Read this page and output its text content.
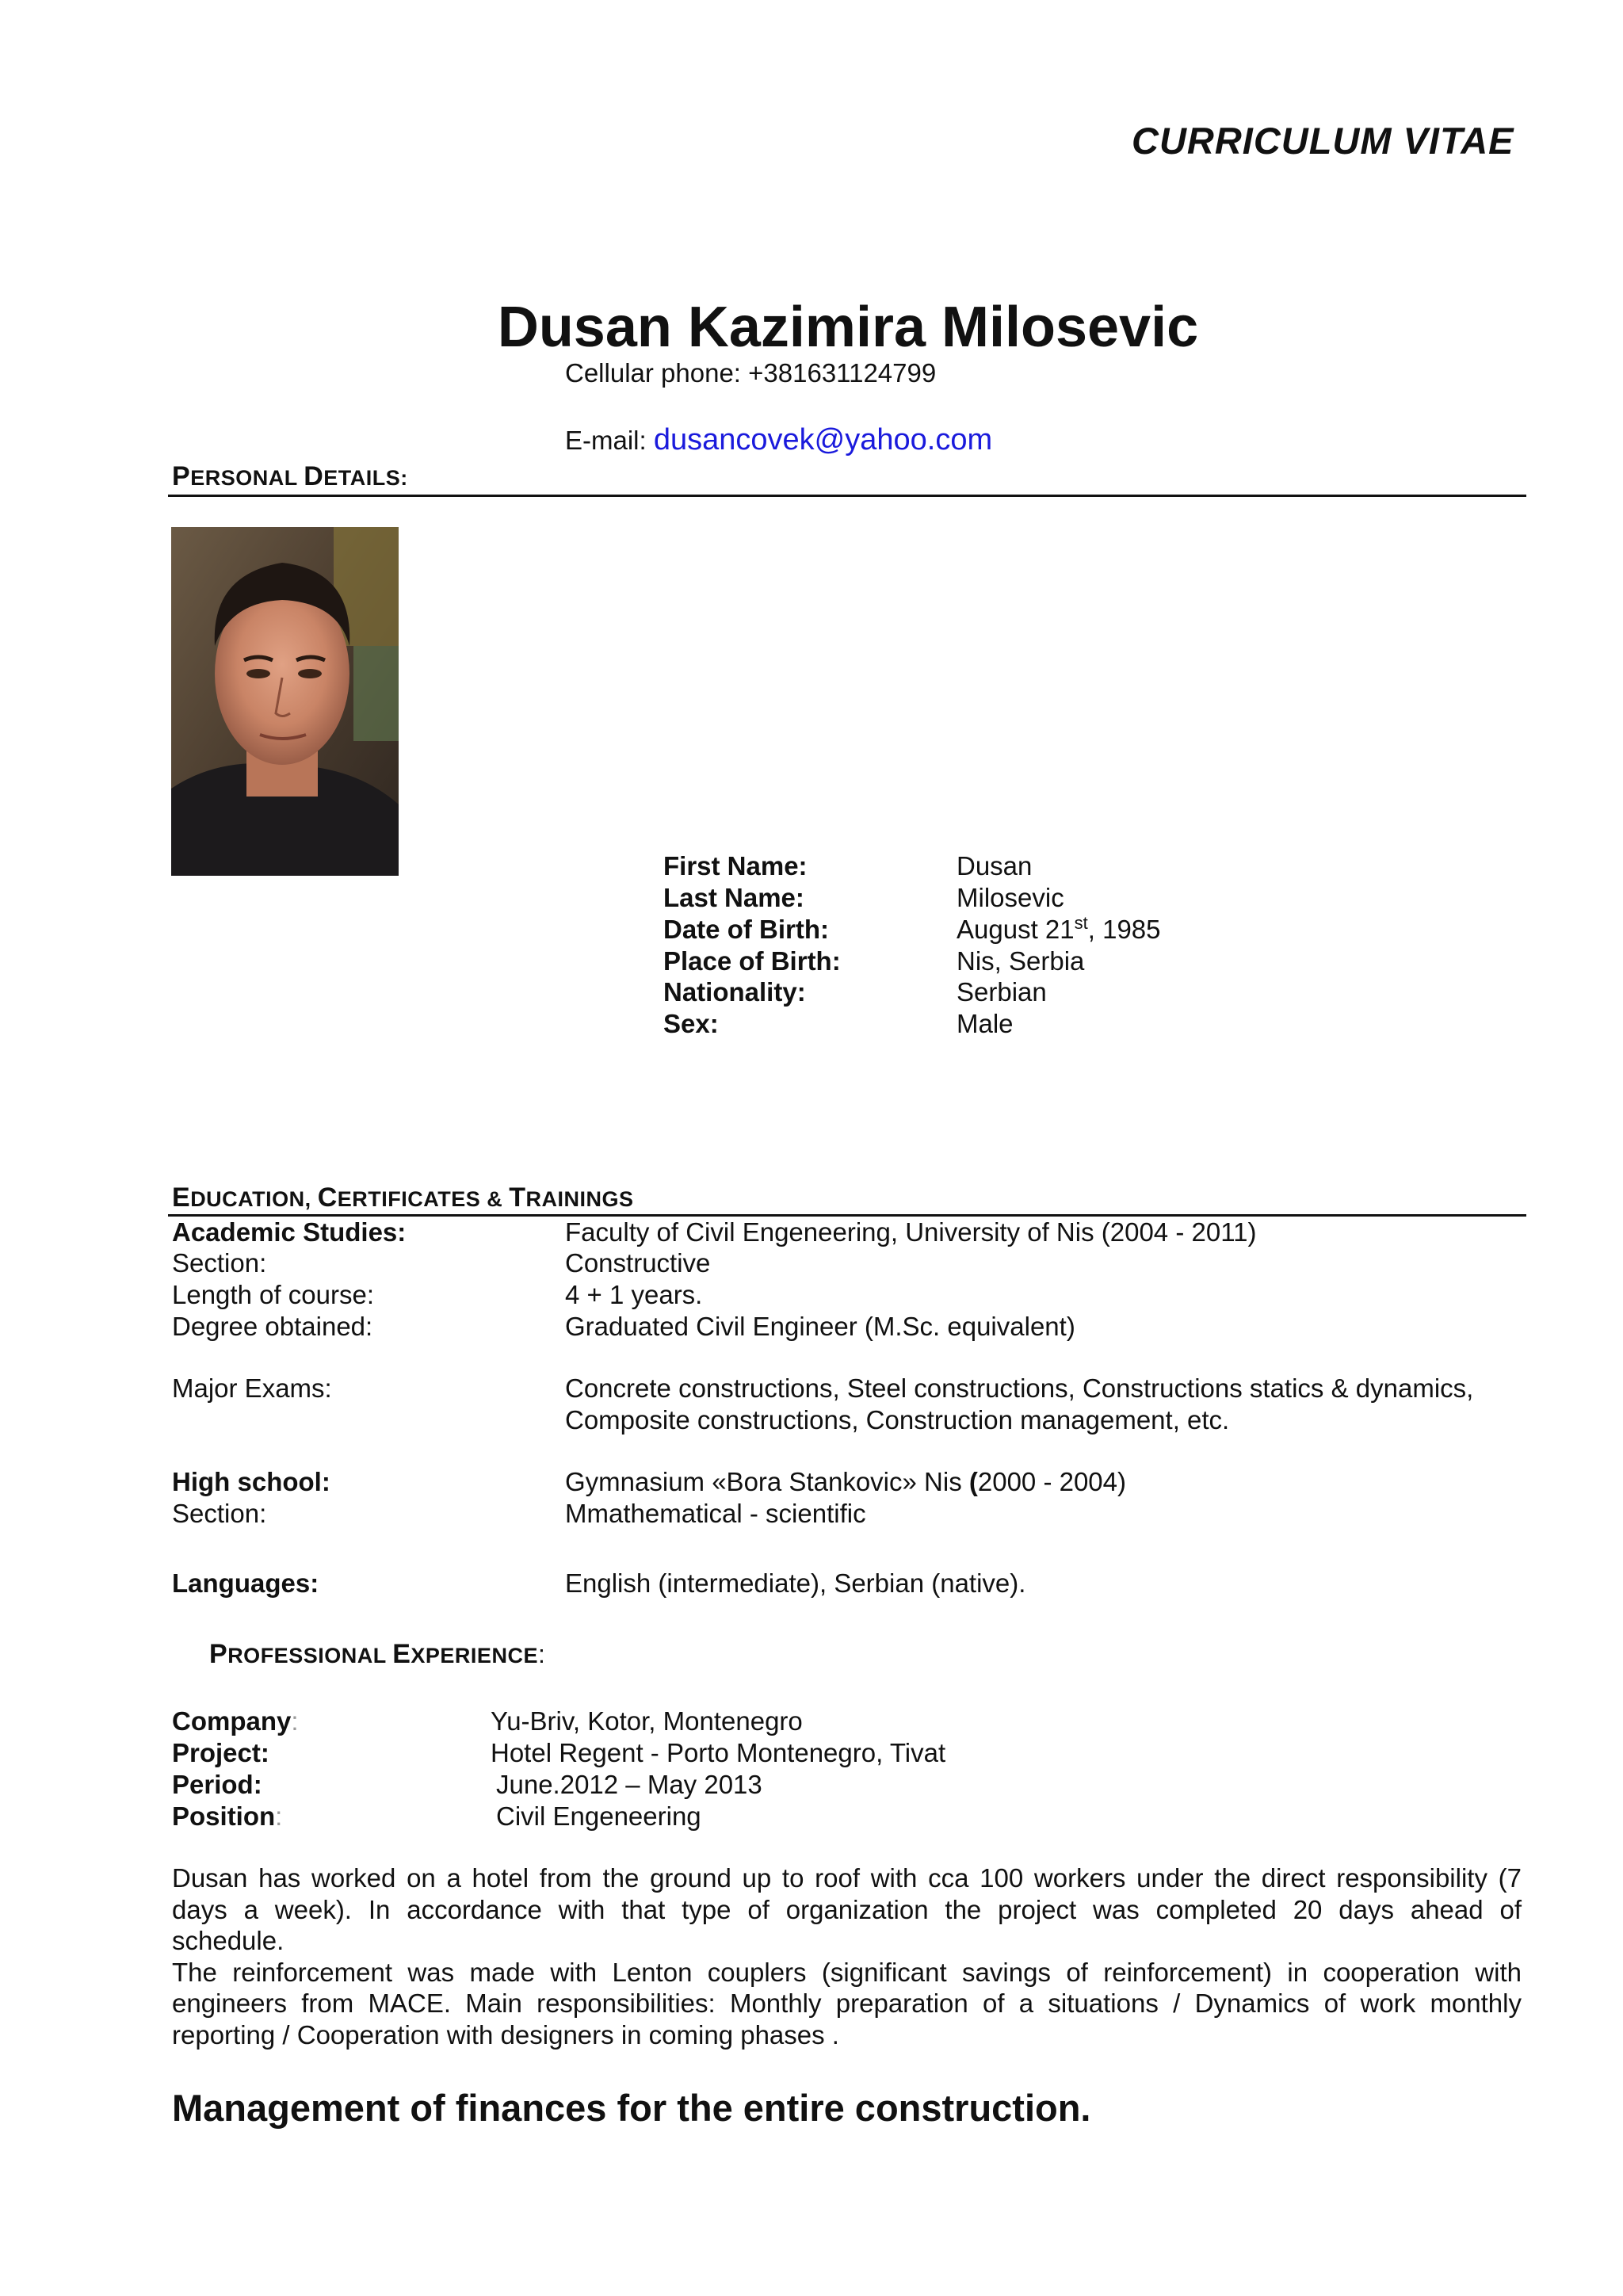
CURRICULUM VITAE
Dusan Kazimira Milosevic
Cellular phone: +381631124799
E-mail: dusancovek@yahoo.com
PERSONAL DETAILS:
First Name:	Dusan
Last Name:	Milosevic
Date of Birth:	August 21st, 1985
Place of Birth:	Nis, Serbia
Nationality:	Serbian
Sex:	Male
EDUCATION, CERTIFICATES & TRAININGS
Academic Studies:	Faculty of Civil Engeneering, University of Nis (2004 - 2011)
Section:	Constructive
Length of course:	4 + 1 years.
Degree obtained:	Graduated Civil Engineer (M.Sc. equivalent)
Major Exams:	Concrete constructions, Steel constructions, Constructions statics & dynamics,
Composite constructions, Construction management, etc.
High school:	Gymnasium «Bora Stankovic» Nis (2000 - 2004)
Section:	Mmathematical - scientific
Languages:	English (intermediate), Serbian (native).
PROFESSIONAL EXPERIENCE:
Company:	Yu-Briv, Kotor, Montenegro
Project:	Hotel Regent - Porto Montenegro, Tivat
Period:	June.2012 – May 2013
Position:	Civil Engeneering
Dusan has worked on a hotel from the ground up to roof with cca 100 workers under the direct responsibility (7
days a week). In accordance with that type of organization the project was completed 20 days ahead of
schedule.
The reinforcement was made with Lenton couplers (significant savings of reinforcement) in cooperation with
engineers from MACE. Main responsibilities: Monthly preparation of a situations / Dynamics of work monthly
reporting / Cooperation with designers in coming phases .
Management of finances for the entire construction.
